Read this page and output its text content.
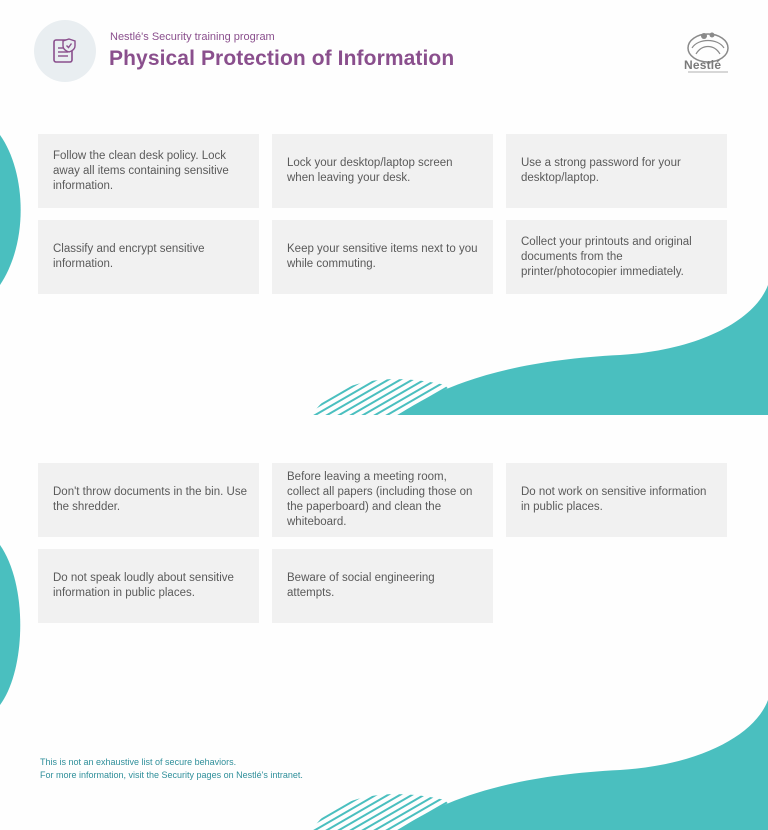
Nestlé's Security training program
Physical Protection of Information	Nestlé
Follow the clean desk policy. Lock away all items containing sensitive information.
Lock your desktop/laptop screen when leaving your desk.
Use a strong password for your desktop/laptop.
Classify and encrypt sensitive information.
Keep your sensitive items next to you while commuting.
Collect your printouts and original documents from the printer/photocopier immediately.
Don't throw documents in the bin. Use the shredder.
Before leaving a meeting room, collect all papers (including those on the paperboard) and clean the whiteboard.
Do not work on sensitive information in public places.
Do not speak loudly about sensitive information in public places.
Beware of social engineering attempts.
This is not an exhaustive list of secure behaviors.
For more information, visit the Security pages on Nestlé's intranet.
